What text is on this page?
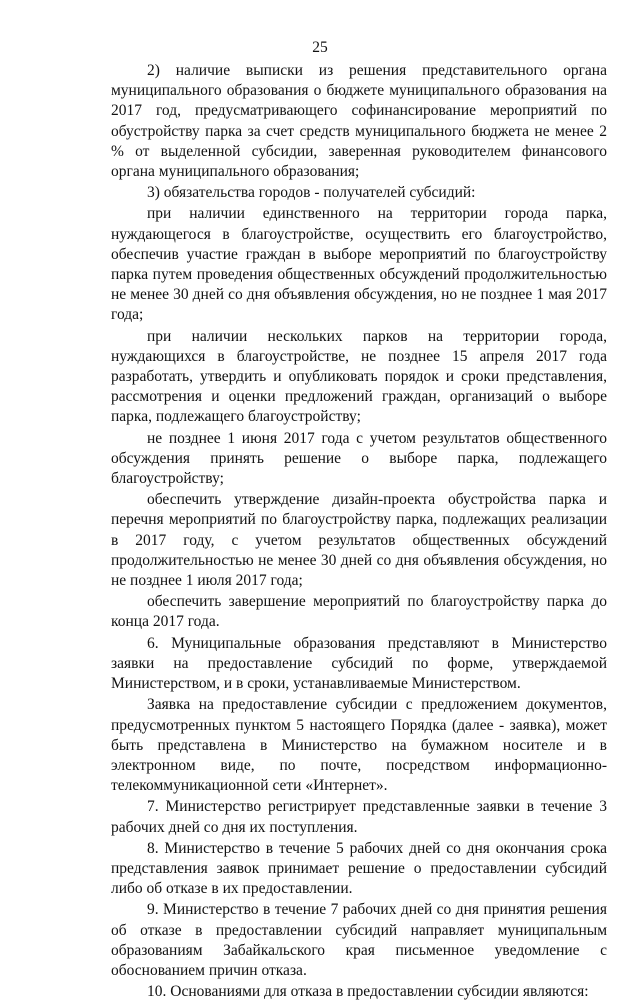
25

2) наличие выписки из решения представительного органа муниципального образования о бюджете муниципального образования на 2017 год, предусматривающего софинансирование мероприятий по обустройству парка за счет средств муниципального бюджета не менее 2 % от выделенной субсидии, заверенная руководителем финансового органа муниципального образования;

3) обязательства городов - получателей субсидий:

при наличии единственного на территории города парка, нуждающегося в благоустройстве, осуществить его благоустройство, обеспечив участие граждан в выборе мероприятий по благоустройству парка путем проведения общественных обсуждений продолжительностью не менее 30 дней со дня объявления обсуждения, но не позднее 1 мая 2017 года;

при наличии нескольких парков на территории города, нуждающихся в благоустройстве, не позднее 15 апреля 2017 года разработать, утвердить и опубликовать порядок и сроки представления, рассмотрения и оценки предложений граждан, организаций о выборе парка, подлежащего благоустройству;

не позднее 1 июня 2017 года с учетом результатов общественного обсуждения принять решение о выборе парка, подлежащего благоустройству;

обеспечить утверждение дизайн-проекта обустройства парка и перечня мероприятий по благоустройству парка, подлежащих реализации в 2017 году, с учетом результатов общественных обсуждений продолжительностью не менее 30 дней со дня объявления обсуждения, но не позднее 1 июля 2017 года;

обеспечить завершение мероприятий по благоустройству парка до конца 2017 года.

6. Муниципальные образования представляют в Министерство заявки на предоставление субсидий по форме, утверждаемой Министерством, и в сроки, устанавливаемые Министерством.

Заявка на предоставление субсидии с предложением документов, предусмотренных пунктом 5 настоящего Порядка (далее - заявка), может быть представлена в Министерство на бумажном носителе и в электронном виде, по почте, посредством информационно-телекоммуникационной сети «Интернет».

7. Министерство регистрирует представленные заявки в течение 3 рабочих дней со дня их поступления.

8. Министерство в течение 5 рабочих дней со дня окончания срока представления заявок принимает решение о предоставлении субсидий либо об отказе в их предоставлении.

9. Министерство в течение 7 рабочих дней со дня принятия решения об отказе в предоставлении субсидий направляет муниципальным образованиям Забайкальского края письменное уведомление с обоснованием причин отказа.

10. Основаниями для отказа в предоставлении субсидии являются:
